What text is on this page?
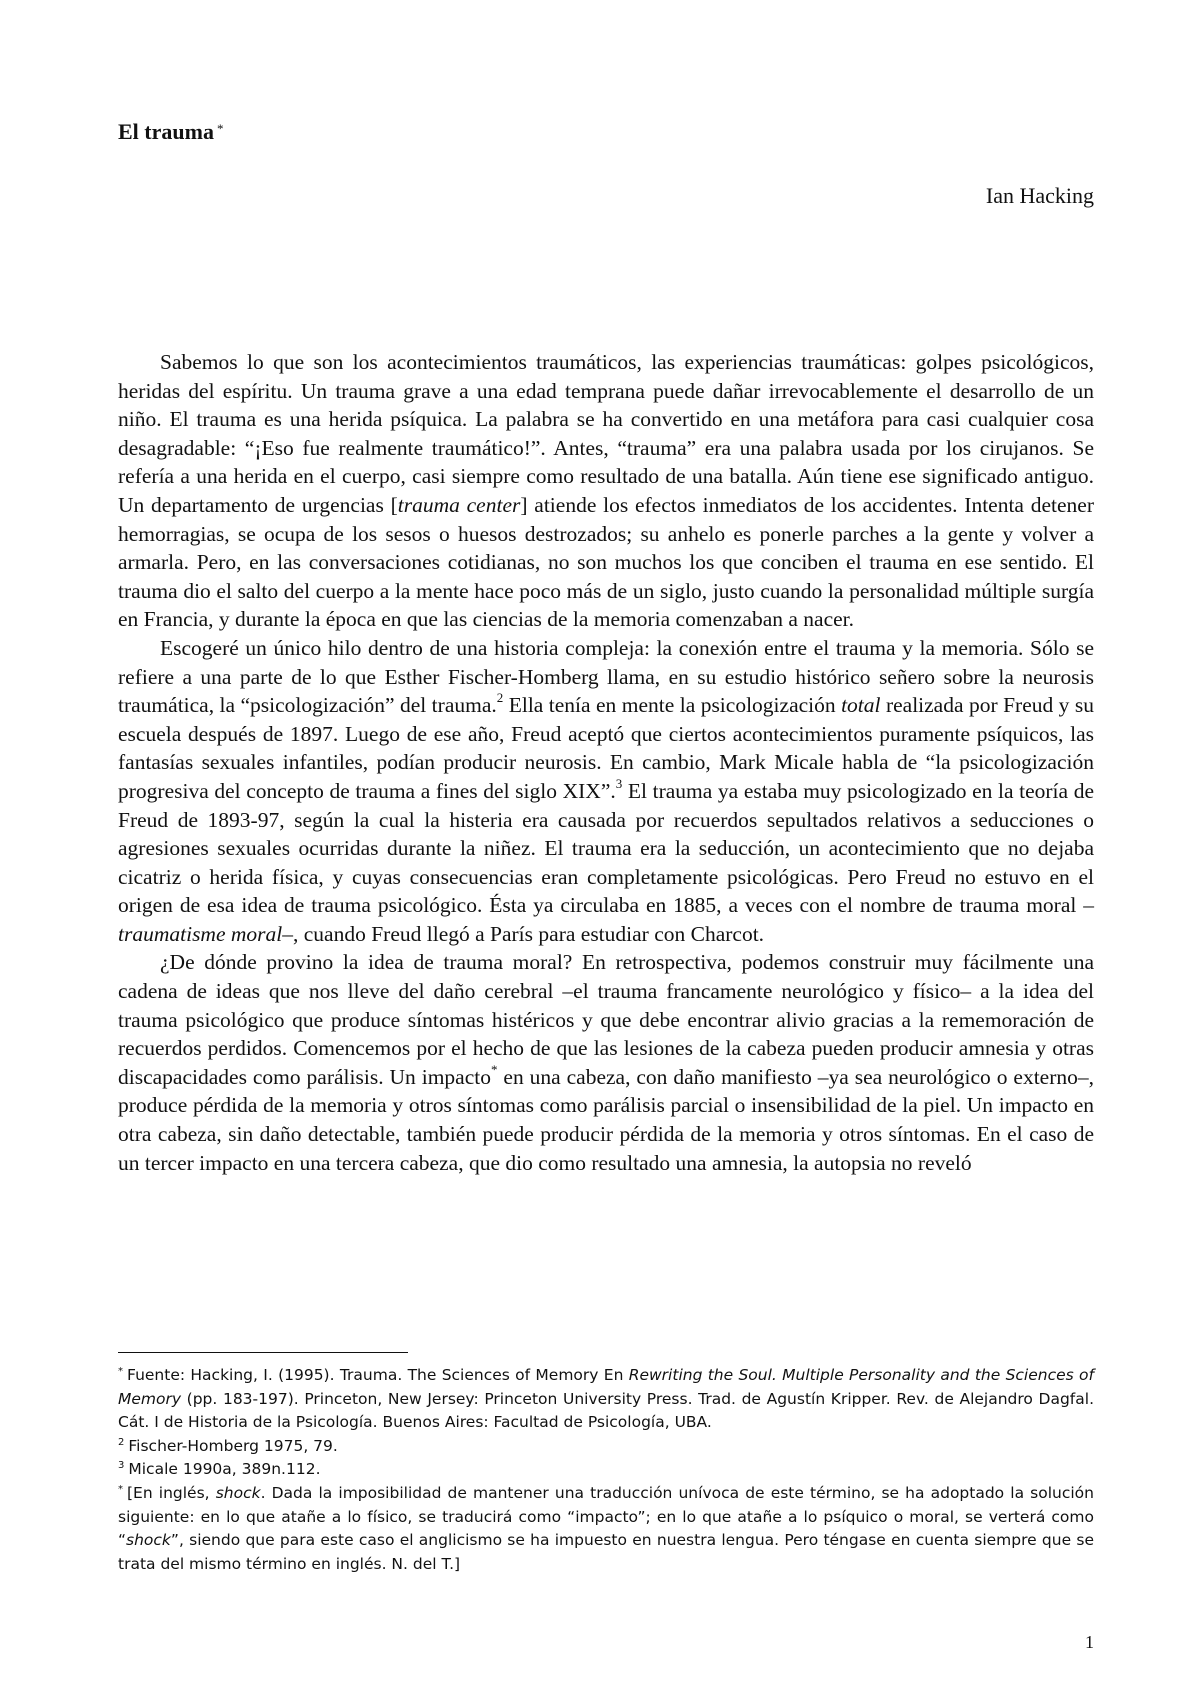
El trauma *
Ian Hacking

Sabemos lo que son los acontecimientos traumáticos, las experiencias traumáticas: golpes psicológicos, heridas del espíritu. Un trauma grave a una edad temprana puede dañar irrevocablemente el desarrollo de un niño. El trauma es una herida psíquica. La palabra se ha convertido en una metáfora para casi cualquier cosa desagradable: “¡Eso fue realmente traumático!”. Antes, “trauma” era una palabra usada por los cirujanos. Se refería a una herida en el cuerpo, casi siempre como resultado de una batalla. Aún tiene ese significado antiguo. Un departamento de urgencias [trauma center] atiende los efectos inmediatos de los accidentes. Intenta detener hemorragias, se ocupa de los sesos o huesos destrozados; su anhelo es ponerle parches a la gente y volver a armarla. Pero, en las conversaciones cotidianas, no son muchos los que conciben el trauma en ese sentido. El trauma dio el salto del cuerpo a la mente hace poco más de un siglo, justo cuando la personalidad múltiple surgía en Francia, y durante la época en que las ciencias de la memoria comenzaban a nacer.

Escogeré un único hilo dentro de una historia compleja: la conexión entre el trauma y la memoria. Sólo se refiere a una parte de lo que Esther Fischer-Homberg llama, en su estudio histórico señero sobre la neurosis traumática, la “psicologización” del trauma.$^2$ Ella tenía en mente la psicologización total realizada por Freud y su escuela después de 1897. Luego de ese año, Freud aceptó que ciertos acontecimientos puramente psíquicos, las fantasías sexuales infantiles, podían producir neurosis. En cambio, Mark Micale habla de “la psicologización progresiva del concepto de trauma a fines del siglo XIX”.$^3$ El trauma ya estaba muy psicologizado en la teoría de Freud de 1893-97, según la cual la histeria era causada por recuerdos sepultados relativos a seducciones o agresiones sexuales ocurridas durante la niñez. El trauma era la seducción, un acontecimiento que no dejaba cicatriz o herida física, y cuyas consecuencias eran completamente psicológicas. Pero Freud no estuvo en el origen de esa idea de trauma psicológico. Ésta ya circulaba en 1885, a veces con el nombre de trauma moral –traumatisme moral–, cuando Freud llegó a París para estudiar con Charcot.

¿De dónde provino la idea de trauma moral? En retrospectiva, podemos construir muy fácilmente una cadena de ideas que nos lleve del daño cerebral –el trauma francamente neurológico y físico– a la idea del trauma psicológico que produce síntomas histéricos y que debe encontrar alivio gracias a la rememoración de recuerdos perdidos. Comencemos por el hecho de que las lesiones de la cabeza pueden producir amnesia y otras discapacidades como parálisis. Un impacto* en una cabeza, con daño manifiesto –ya sea neurológico o externo–, produce pérdida de la memoria y otros síntomas como parálisis parcial o insensibilidad de la piel. Un impacto en otra cabeza, sin daño detectable, también puede producir pérdida de la memoria y otros síntomas. En el caso de un tercer impacto en una tercera cabeza, que dio como resultado una amnesia, la autopsia no reveló

* Fuente: Hacking, I. (1995). Trauma. The Sciences of Memory En Rewriting the Soul. Multiple Personality and the Sciences of Memory (pp. 183-197). Princeton, New Jersey: Princeton University Press. Trad. de Agustín Kripper. Rev. de Alejandro Dagfal. Cát. I de Historia de la Psicología. Buenos Aires: Facultad de Psicología, UBA.

$^2$ Fischer-Homberg 1975, 79.

$^3$ Micale 1990a, 389n.112.

* [En inglés, shock. Dada la imposibilidad de mantener una traducción unívoca de este término, se ha adoptado la solución siguiente: en lo que atañe a lo físico, se traducirá como “impacto”; en lo que atañe a lo psíquico o moral, se verterá como “shock”, siendo que para este caso el anglicismo se ha impuesto en nuestra lengua. Pero téngase en cuenta siempre que se trata del mismo término en inglés. N. del T.]

1
